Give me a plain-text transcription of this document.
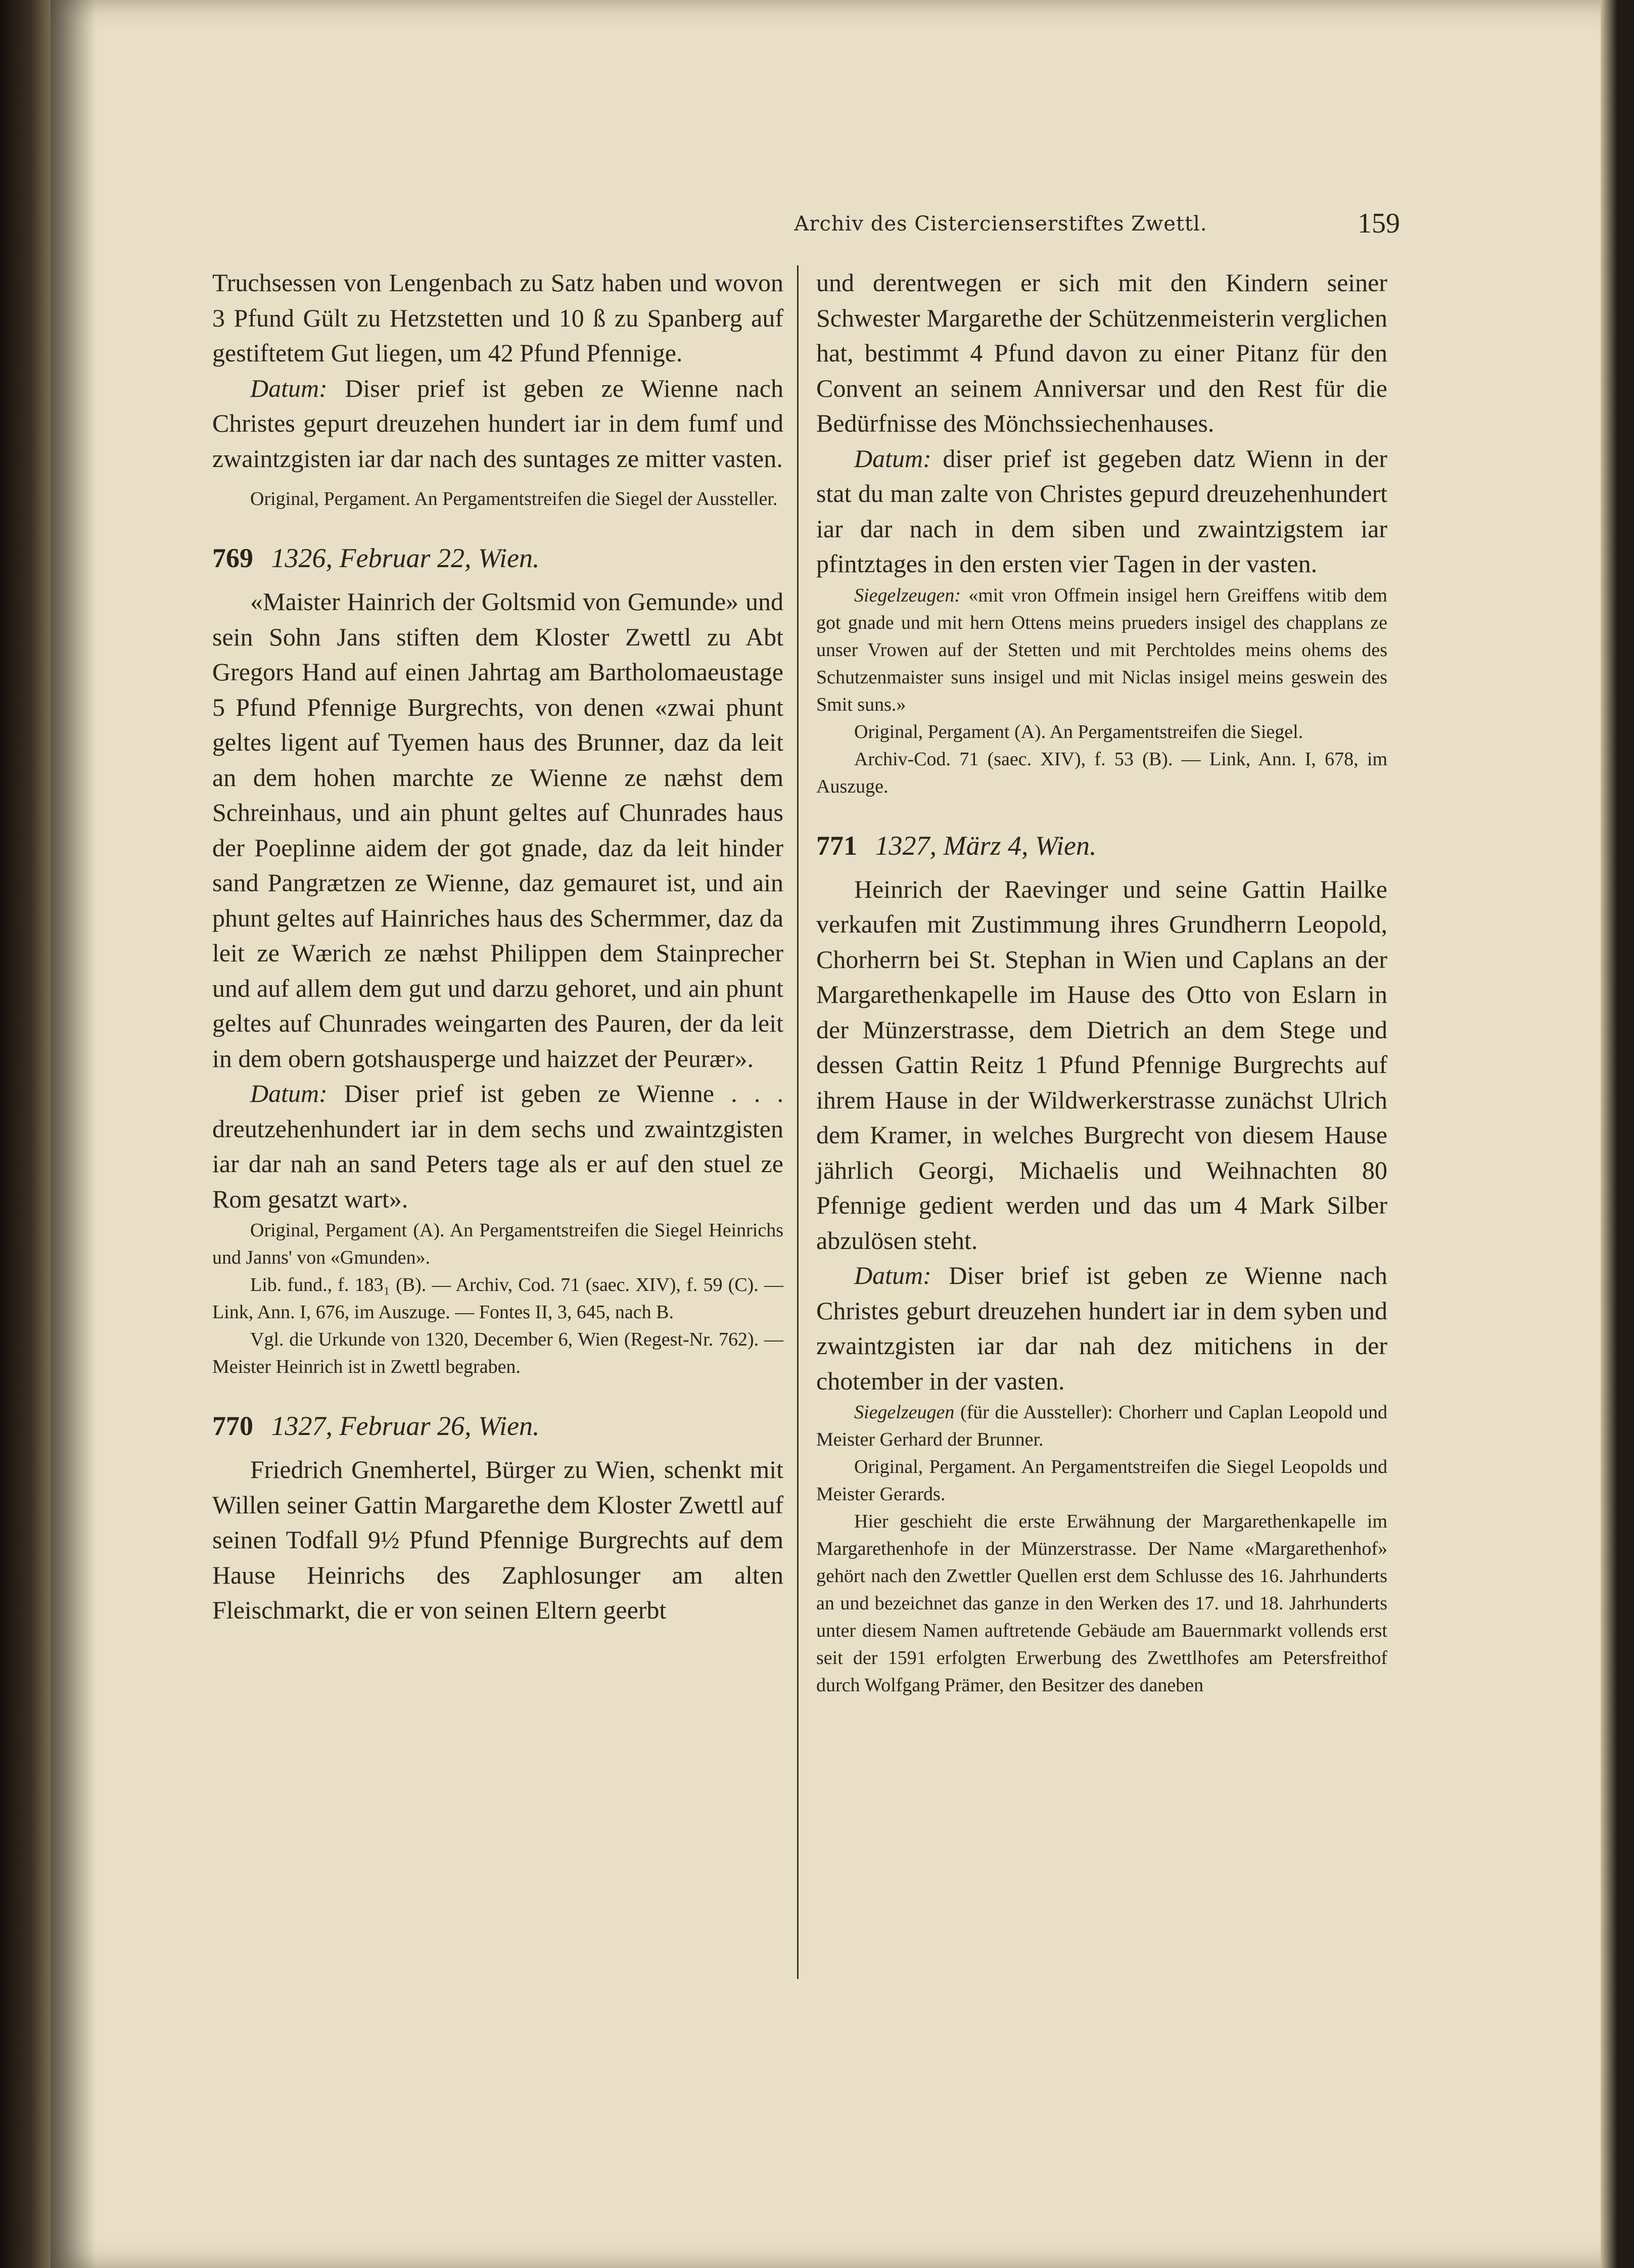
Archiv des Cistercienserstiftes Zwettl.	159

Truchsessen von Lengenbach zu Satz haben und wovon 3 Pfund Gült zu Hetzstetten und 10 ß zu Spanberg auf gestiftetem Gut liegen, um 42 Pfund Pfennige.

Datum: Diser prief ist geben ze Wienne nach Christes gepurt dreuzehen hundert iar in dem fumf und zwaintzgisten iar dar nach des suntages ze mitter vasten.

Original, Pergament. An Pergamentstreifen die Siegel der Aussteller.

769 1326, Februar 22, Wien.

«Maister Hainrich der Goltsmid von Gemunde» und sein Sohn Jans stiften dem Kloster Zwettl zu Abt Gregors Hand auf einen Jahrtag am Bartholomaeustage 5 Pfund Pfennige Burgrechts, von denen «zwai phunt geltes ligent auf Tyemen haus des Brunner, daz da leit an dem hohen marchte ze Wienne ze næhst dem Schreinhaus, und ain phunt geltes auf Chunrades haus der Poeplinne aidem der got gnade, daz da leit hinder sand Pangrætzen ze Wienne, daz gemauret ist, und ain phunt geltes auf Hainriches haus des Schermmer, daz da leit ze Wærich ze næhst Philippen dem Stainprecher und auf allem dem gut und darzu gehoret, und ain phunt geltes auf Chunrades weingarten des Pauren, der da leit in dem obern gotshausperge und haizzet der Peurær».

Datum: Diser prief ist geben ze Wienne . . . dreutzehenhundert iar in dem sechs und zwaintzgisten iar dar nah an sand Peters tage als er auf den stuel ze Rom gesatzt wart».

Original, Pergament (A). An Pergamentstreifen die Siegel Heinrichs und Janns' von «Gmunden».

Lib. fund., f. 183₁ (B). — Archiv, Cod. 71 (saec. XIV), f. 59 (C). — Link, Ann. I, 676, im Auszuge. — Fontes II, 3, 645, nach B.

Vgl. die Urkunde von 1320, December 6, Wien (Regest-Nr. 762). — Meister Heinrich ist in Zwettl begraben.

770 1327, Februar 26, Wien.

Friedrich Gnemhertel, Bürger zu Wien, schenkt mit Willen seiner Gattin Margarethe dem Kloster Zwettl auf seinen Todfall 9½ Pfund Pfennige Burgrechts auf dem Hause Heinrichs des Zaphlosunger am alten Fleischmarkt, die er von seinen Eltern geerbt

und derentwegen er sich mit den Kindern seiner Schwester Margarethe der Schützenmeisterin verglichen hat, bestimmt 4 Pfund davon zu einer Pitanz für den Convent an seinem Anniversar und den Rest für die Bedürfnisse des Mönchssiechenhauses.

Datum: diser prief ist gegeben datz Wienn in der stat du man zalte von Christes gepurd dreuzehenhundert iar dar nach in dem siben und zwaintzigstem iar pfintztages in den ersten vier Tagen in der vasten.

Siegelzeugen: «mit vron Offmein insigel hern Greiffens witib dem got gnade und mit hern Ottens meins prueders insigel des chapplans ze unser Vrowen auf der Stetten und mit Perchtoldes meins ohems des Schutzenmaister suns insigel und mit Niclas insigel meins geswein des Smit suns.»

Original, Pergament (A). An Pergamentstreifen die Siegel.

Archiv-Cod. 71 (saec. XIV), f. 53 (B). — Link, Ann. I, 678, im Auszuge.

771 1327, März 4, Wien.

Heinrich der Raevinger und seine Gattin Hailke verkaufen mit Zustimmung ihres Grundherrn Leopold, Chorherrn bei St. Stephan in Wien und Caplans an der Margarethenkapelle im Hause des Otto von Eslarn in der Münzerstrasse, dem Dietrich an dem Stege und dessen Gattin Reitz 1 Pfund Pfennige Burgrechts auf ihrem Hause in der Wildwerkerstrasse zunächst Ulrich dem Kramer, in welches Burgrecht von diesem Hause jährlich Georgi, Michaelis und Weihnachten 80 Pfennige gedient werden und das um 4 Mark Silber abzulösen steht.

Datum: Diser brief ist geben ze Wienne nach Christes geburt dreuzehen hundert iar in dem syben und zwaintzgisten iar dar nah dez mitichens in der chotember in der vasten.

Siegelzeugen (für die Aussteller): Chorherr und Caplan Leopold und Meister Gerhard der Brunner.

Original, Pergament. An Pergamentstreifen die Siegel Leopolds und Meister Gerards.

Hier geschieht die erste Erwähnung der Margarethenkapelle im Margarethenhofe in der Münzerstrasse. Der Name «Margarethenhof» gehört nach den Zwettler Quellen erst dem Schlusse des 16. Jahrhunderts an und bezeichnet das ganze in den Werken des 17. und 18. Jahrhunderts unter diesem Namen auftretende Gebäude am Bauernmarkt vollends erst seit der 1591 erfolgten Erwerbung des Zwettlhofes am Petersfreithof durch Wolfgang Prämer, den Besitzer des daneben
